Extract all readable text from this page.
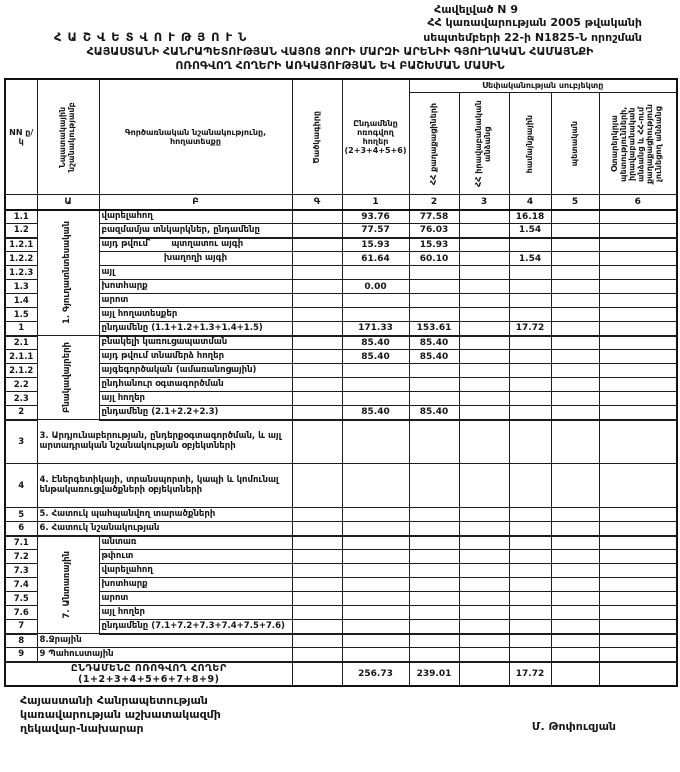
Հավելված N 9
ՀՀ կառավարության 2005 թվականի
ՀԱՇՎԵՏՎՈՒԹՅՈՒՆ	սեպտեմբերի 22-ի N1825-Ն որոշման
ՀԱՅԱՍՏԱՆԻ ՀԱՆՐԱՊԵՏՈՒԹՅԱՆ ՎԱՅՈՑ ՁՈՐԻ ՄԱՐԶԻ ԱՐԵՆԻԻ ԳՅՈՒՂԱԿԱՆ ՀԱՄԱՅՆՔԻ
ՈՌՈԳՎՈՂ ՀՈՂԵՐԻ ԱՌԿԱՅՈՒԹՅԱՆ ԵՎ ԲԱՇԽՄԱՆ ՄԱՍԻՆ
NN ը/կ	Նպատակային նշանակությամբ	Գործառնական նշանակությունը, հողատեսքը	Ծածկագիրը	Ընդամենը ոռոգվող հողեր (2+3+4+5+6)	Սեփականության սուբյեկտը				

					ՀՀ քաղաքացիների	ՀՀ իրավաբանական անձանց	համայնքային	պետական	Օտարերկրյա պետությունների, իրավաբանական անձանց և ՀՀ-ում քաղաքացիություն չունեցող անձանց

	Ա	Բ	Գ	1	2	3	4	5	6
1.1	1. Գյուղատնտեսական	վարելահող		93.76	77.58		16.18		
1.2		բազմամյա տնկարկներ, ընդամենը		77.57	76.03		1.54		
1.2.1		այդ թվում՝       պտղատու այգի		15.93	15.93				
1.2.2		խաղողի այգի		61.64	60.10		1.54		
1.2.3		այլ							
1.3		խոտհարք		0.00					
1.4		արոտ							
1.5		այլ հողատեսքեր							
1		ընդամենը (1.1+1.2+1.3+1.4+1.5)		171.33	153.61		17.72		
2.1	Բնակավայրերի	բնակելի կառուցապատման		85.40	85.40				
2.1.1		այդ թվում տնամերձ հողեր		85.40	85.40				
2.1.2		այգեգործական (ամառանոցային)							
2.2		ընդհանուր օգտագործման							
2.3		այլ հողեր							
2		ընդամենը (2.1+2.2+2.3)		85.40	85.40				
3	3. Արդյունաբերության, ընդերքօգտագործման, և այլ արտադրական նշանակության օբյեկտների								
4	4. Էներգետիկայի, տրանսպորտի, կապի և կոմունալ ենթակառուցվածքների օբյեկտների								
5	5. Հատուկ պահպանվող տարածքների								
6	6. Հատուկ նշանակության								
7.1	7. Անտառային	անտառ							
7.2		թփուտ							
7.3		վարելահող							
7.4		խոտհարք							
7.5		արոտ							
7.6		այլ հողեր							
7		ընդամենը (7.1+7.2+7.3+7.4+7.5+7.6)							
8	8.Ջրային								
9	9 Պահուստային								
ԸՆԴԱՄԵՆԸ ՈՌՈԳՎՈՂ ՀՈՂԵՐ (1+2+3+4+5+6+7+8+9)				256.73	239.01		17.72		
Հայաստանի Հանրապետության
կառավարության աշխատակազմի
ղեկավար-նախարար	Մ. Թոփուզյան
